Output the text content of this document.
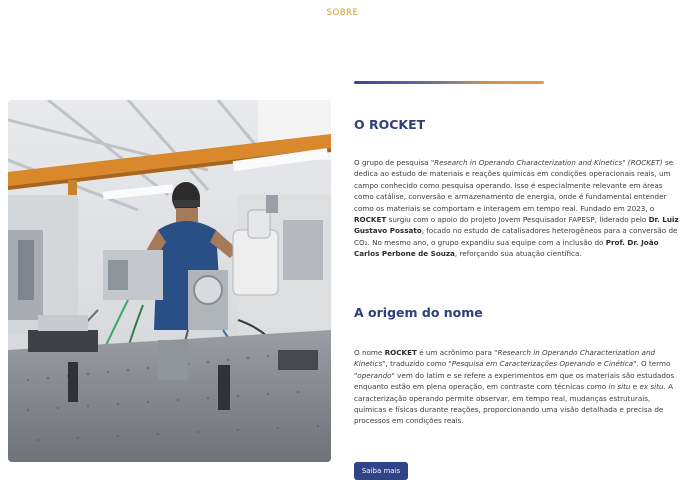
SOBRE
O ROCKET

O grupo de pesquisa "Research in Operando Characterization and Kinetics" (ROCKET) se dedica ao estudo de materiais e reações químicas em condições operacionais reais, um campo conhecido como pesquisa operando. Isso é especialmente relevante em áreas como catálise, conversão e armazenamento de energia, onde é fundamental entender como os materiais se comportam e interagem em tempo real. Fundado em 2023, o ROCKET surgiu com o apoio do projeto Jovem Pesquisador FAPESP, liderado pelo Dr. Luiz Gustavo Possato, focado no estudo de catalisadores heterogêneos para a conversão de CO₂. No mesmo ano, o grupo expandiu sua equipe com a inclusão do Prof. Dr. João Carlos Perbone de Souza, reforçando sua atuação científica.

A origem do nome

O nome ROCKET é um acrônimo para "Research in Operando Characterization and Kinetics", traduzido como "Pesquisa em Caracterizações Operando e Cinética". O termo "operando" vem do latim e se refere a experimentos em que os materiais são estudados enquanto estão em plena operação, em contraste com técnicas como in situ e ex situ. A caracterização operando permite observar, em tempo real, mudanças estruturais, químicas e físicas durante reações, proporcionando uma visão detalhada e precisa de processos em condições reais.

Saiba mais
